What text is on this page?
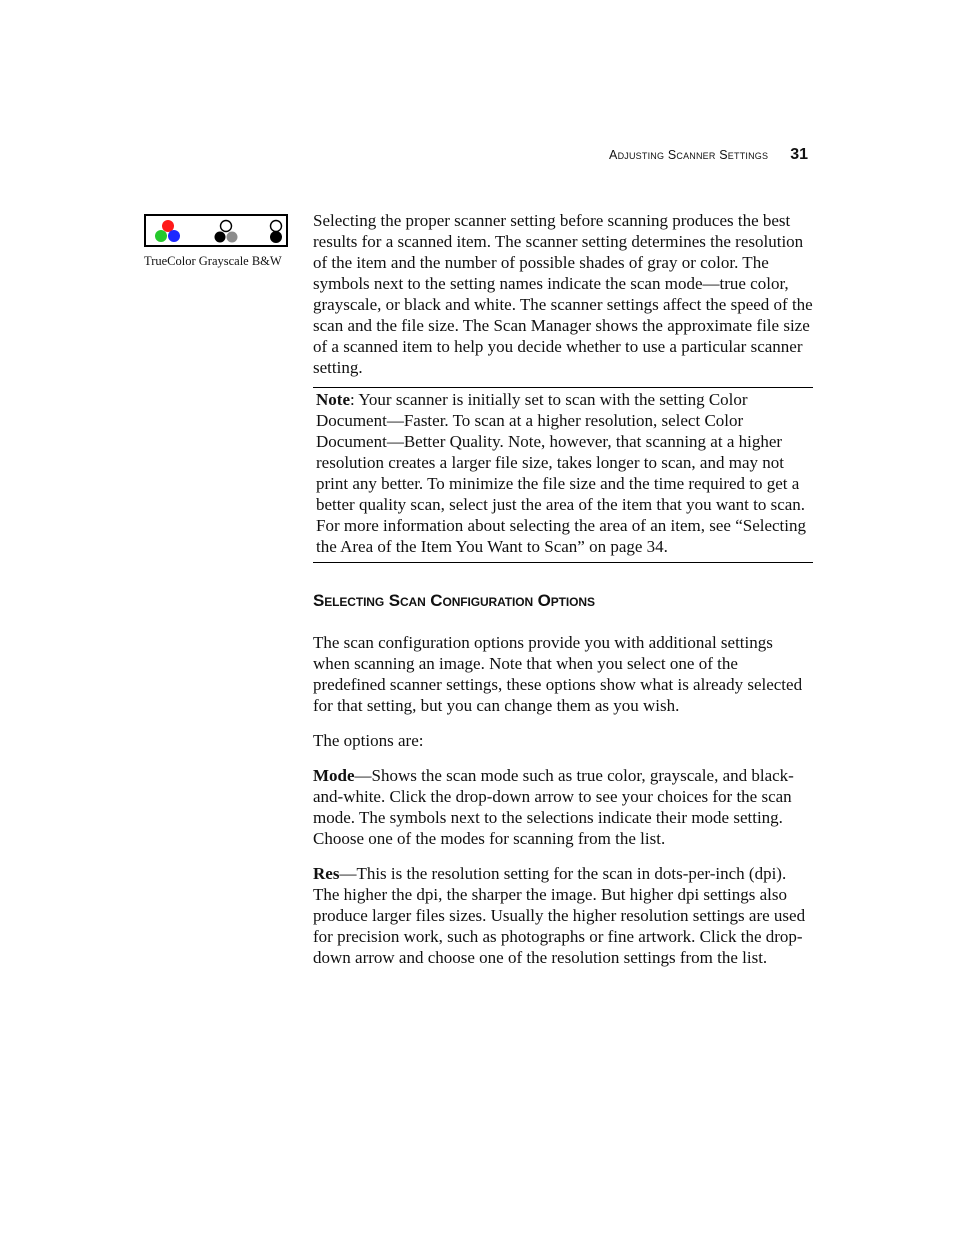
Adjusting Scanner Settings 31
TrueColor Grayscale B&W

Selecting the proper scanner setting before scanning produces the best results for a scanned item. The scanner setting determines the resolution of the item and the number of possible shades of gray or color. The symbols next to the setting names indicate the scan mode—true color, grayscale, or black and white. The scanner settings affect the speed of the scan and the file size. The Scan Manager shows the approximate file size of a scanned item to help you decide whether to use a particular scanner setting.

Note: Your scanner is initially set to scan with the setting Color Document—Faster. To scan at a higher resolution, select Color Document—Better Quality. Note, however, that scanning at a higher resolution creates a larger file size, takes longer to scan, and may not print any better. To minimize the file size and the time required to get a better quality scan, select just the area of the item that you want to scan. For more information about selecting the area of an item, see “Selecting the Area of the Item You Want to Scan” on page 34.
Selecting Scan Configuration Options

The scan configuration options provide you with additional settings when scanning an image. Note that when you select one of the predefined scanner settings, these options show what is already selected for that setting, but you can change them as you wish.

The options are:

Mode—Shows the scan mode such as true color, grayscale, and black-and-white. Click the drop-down arrow to see your choices for the scan mode. The symbols next to the selections indicate their mode setting. Choose one of the modes for scanning from the list.

Res—This is the resolution setting for the scan in dots-per-inch (dpi). The higher the dpi, the sharper the image. But higher dpi settings also produce larger files sizes. Usually the higher resolution settings are used for precision work, such as photographs or fine artwork. Click the drop-down arrow and choose one of the resolution settings from the list.
